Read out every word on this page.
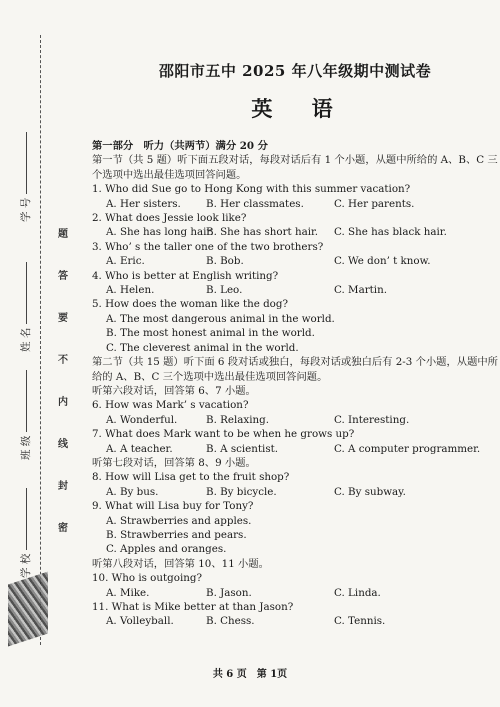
学 号
姓 名
班 级
学 校
题
答
要
不
内
线
封
密
邵阳市五中 2025 年八年级期中测试卷
英 语
第一部分　听力（共两节）满分 20 分
第一节（共 5 题）听下面五段对话，每段对话后有 1 个小题，从题中所给的 A、B、C 三
个选项中选出最佳选项回答问题。
1. Who did Sue go to Hong Kong with this summer vacation?
A. Her sisters.	B. Her classmates.	C. Her parents.
2. What does Jessie look like?
A. She has long hair.
B. She has short hair.	C. She has black hair.
3. Who’ s the taller one of the two brothers?
A. Eric.	B. Bob.	C. We don’ t know.
4. Who is better at English writing?
A. Helen.	B. Leo.	C. Martin.
5. How does the woman like the dog?
A. The most dangerous animal in the world.
B. The most honest animal in the world.
C. The cleverest animal in the world.
第二节（共 15 题）听下面 6 段对话或独白，每段对话或独白后有 2-3 个小题，从题中所
给的 A、B、C 三个选项中选出最佳选项回答问题。
听第六段对话，回答第 6、7 小题。
6. How was Mark’ s vacation?
A. Wonderful.	B. Relaxing.	C. Interesting.
7. What does Mark want to be when he grows up?
A. A teacher.	B. A scientist.	C. A computer programmer.
听第七段对话，回答第 8、9 小题。
8. How will Lisa get to the fruit shop?
A. By bus.	B. By bicycle.	C. By subway.
9. What will Lisa buy for Tony?
A. Strawberries and apples.
B. Strawberries and pears.
C. Apples and oranges.
听第八段对话，回答第 10、11 小题。
10. Who is outgoing?
A. Mike.	B. Jason.	C. Linda.
11. What is Mike better at than Jason?
A. Volleyball.	B. Chess.	C. Tennis.
共 6 页　第 1页
